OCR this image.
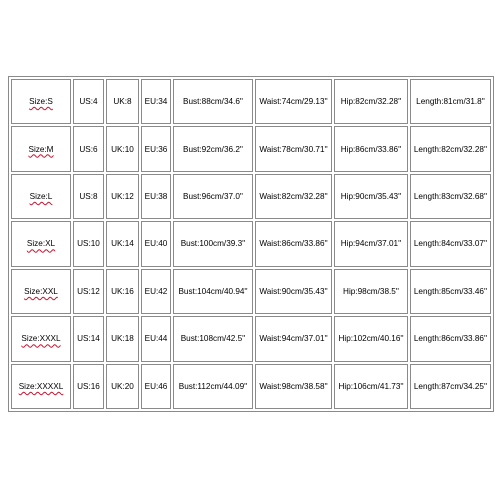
Size:S	US:4	UK:8	EU:34	Bust:88cm/34.6''	Waist:74cm/29.13''	Hip:82cm/32.28''	Length:81cm/31.8''
Size:M	US:6	UK:10	EU:36	Bust:92cm/36.2''	Waist:78cm/30.71''	Hip:86cm/33.86''	Length:82cm/32.28''
Size:L	US:8	UK:12	EU:38	Bust:96cm/37.0''	Waist:82cm/32.28''	Hip:90cm/35.43''	Length:83cm/32.68''
Size:XL	US:10	UK:14	EU:40	Bust:100cm/39.3''	Waist:86cm/33.86''	Hip:94cm/37.01''	Length:84cm/33.07''
Size:XXL	US:12	UK:16	EU:42	Bust:104cm/40.94''	Waist:90cm/35.43''	Hip:98cm/38.5''	Length:85cm/33.46''
Size:XXXL	US:14	UK:18	EU:44	Bust:108cm/42.5''	Waist:94cm/37.01''	Hip:102cm/40.16''	Length:86cm/33.86''
Size:XXXXL	US:16	UK:20	EU:46	Bust:112cm/44.09''	Waist:98cm/38.58''	Hip:106cm/41.73''	Length:87cm/34.25''
